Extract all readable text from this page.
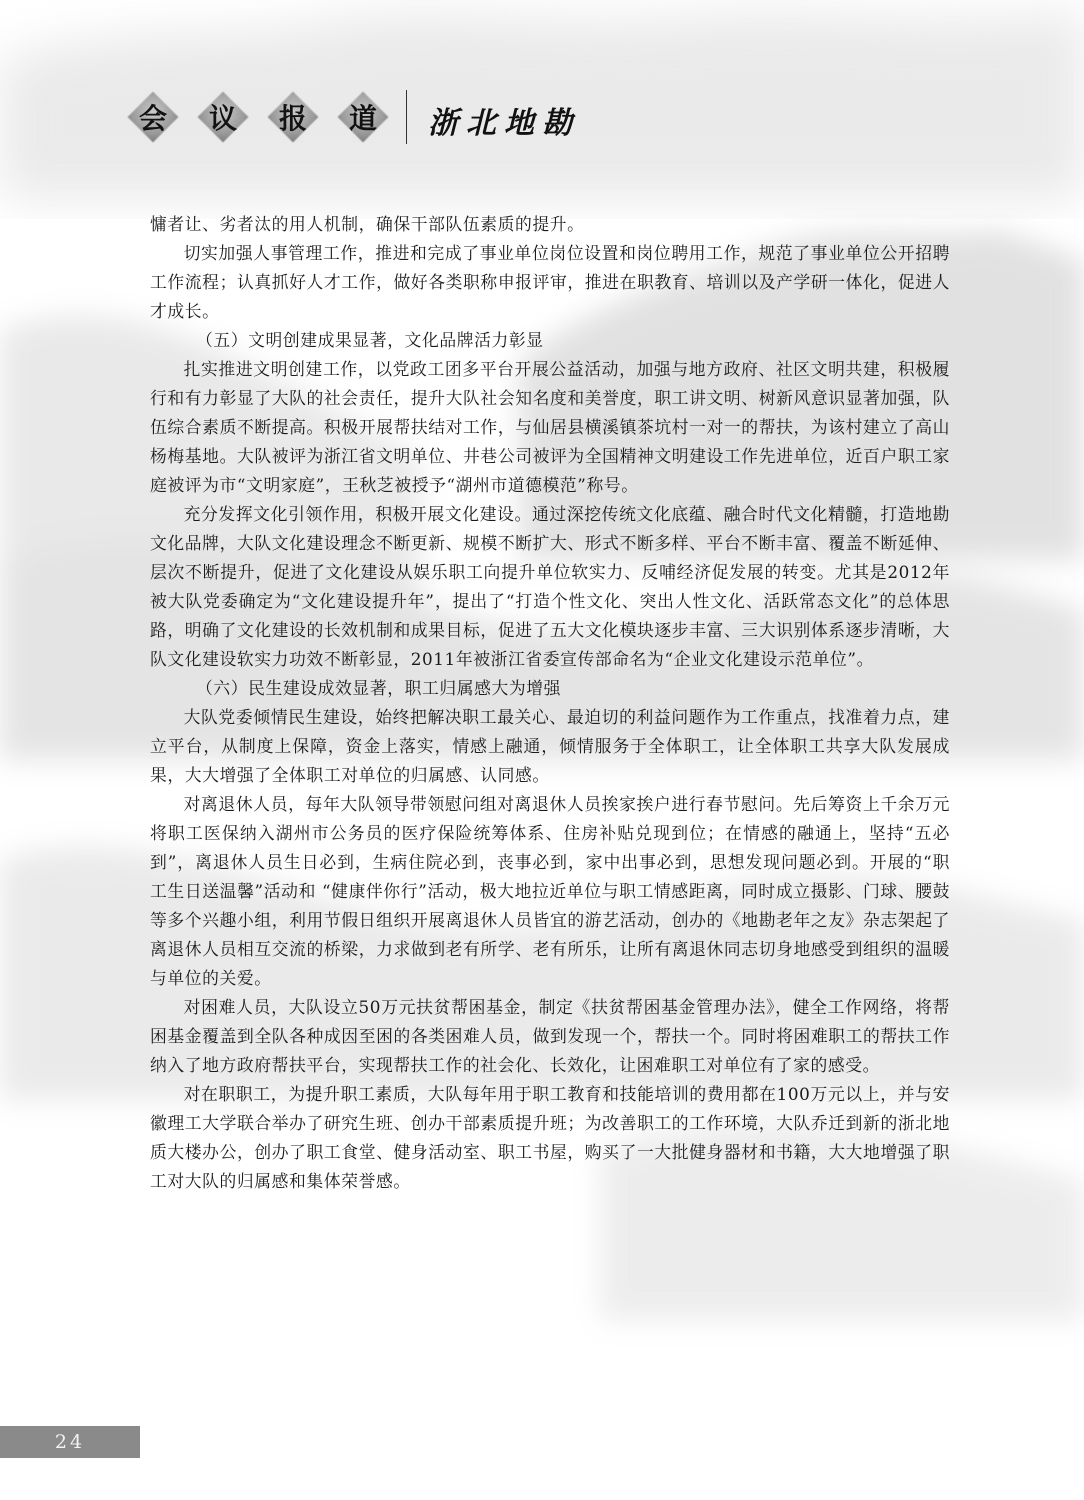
会 议 报 道 浙北地勘

慵者让、劣者汰的用人机制，确保干部队伍素质的提升。

切实加强人事管理工作，推进和完成了事业单位岗位设置和岗位聘用工作，规范了事业单位公开招聘工作流程；认真抓好人才工作，做好各类职称申报评审，推进在职教育、培训以及产学研一体化，促进人才成长。

（五）文明创建成果显著，文化品牌活力彰显

扎实推进文明创建工作，以党政工团多平台开展公益活动，加强与地方政府、社区文明共建，积极履行和有力彰显了大队的社会责任，提升大队社会知名度和美誉度，职工讲文明、树新风意识显著加强，队伍综合素质不断提高。积极开展帮扶结对工作，与仙居县横溪镇茶坑村一对一的帮扶，为该村建立了高山杨梅基地。大队被评为浙江省文明单位、井巷公司被评为全国精神文明建设工作先进单位，近百户职工家庭被评为市“文明家庭”，王秋芝被授予“湖州市道德模范”称号。

充分发挥文化引领作用，积极开展文化建设。通过深挖传统文化底蕴、融合时代文化精髓，打造地勘文化品牌，大队文化建设理念不断更新、规模不断扩大、形式不断多样、平台不断丰富、覆盖不断延伸、层次不断提升，促进了文化建设从娱乐职工向提升单位软实力、反哺经济促发展的转变。尤其是2012年被大队党委确定为“文化建设提升年”，提出了“打造个性文化、突出人性文化、活跃常态文化”的总体思路，明确了文化建设的长效机制和成果目标，促进了五大文化模块逐步丰富、三大识别体系逐步清晰，大队文化建设软实力功效不断彰显，2011年被浙江省委宣传部命名为“企业文化建设示范单位”。

（六）民生建设成效显著，职工归属感大为增强

大队党委倾情民生建设，始终把解决职工最关心、最迫切的利益问题作为工作重点，找准着力点，建立平台，从制度上保障，资金上落实，情感上融通，倾情服务于全体职工，让全体职工共享大队发展成果，大大增强了全体职工对单位的归属感、认同感。

对离退休人员，每年大队领导带领慰问组对离退休人员挨家挨户进行春节慰问。先后筹资上千余万元将职工医保纳入湖州市公务员的医疗保险统筹体系、住房补贴兑现到位；在情感的融通上，坚持“五必到”，离退休人员生日必到，生病住院必到，丧事必到，家中出事必到，思想发现问题必到。开展的“职工生日送温馨”活动和 “健康伴你行”活动，极大地拉近单位与职工情感距离，同时成立摄影、门球、腰鼓等多个兴趣小组，利用节假日组织开展离退休人员皆宜的游艺活动，创办的《地勘老年之友》杂志架起了离退休人员相互交流的桥梁，力求做到老有所学、老有所乐，让所有离退休同志切身地感受到组织的温暖与单位的关爱。

对困难人员，大队设立50万元扶贫帮困基金，制定《扶贫帮困基金管理办法》，健全工作网络，将帮困基金覆盖到全队各种成因至困的各类困难人员，做到发现一个，帮扶一个。同时将困难职工的帮扶工作纳入了地方政府帮扶平台，实现帮扶工作的社会化、长效化，让困难职工对单位有了家的感受。

对在职职工，为提升职工素质，大队每年用于职工教育和技能培训的费用都在100万元以上，并与安徽理工大学联合举办了研究生班、创办干部素质提升班；为改善职工的工作环境，大队乔迁到新的浙北地质大楼办公，创办了职工食堂、健身活动室、职工书屋，购买了一大批健身器材和书籍，大大地增强了职工对大队的归属感和集体荣誉感。

24
